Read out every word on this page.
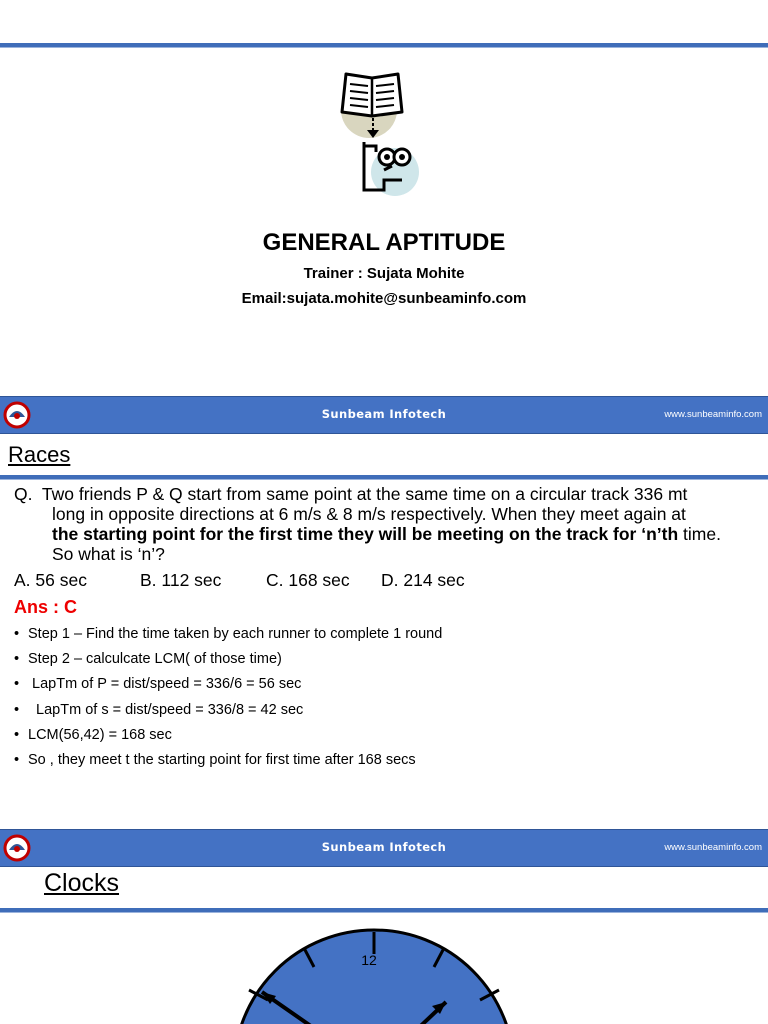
GENERAL APTITUDE
Trainer : Sujata Mohite
Email:sujata.mohite@sunbeaminfo.com
Sunbeam Infotech	www.sunbeaminfo.com
Races
Q. Two friends P & Q start from same point at the same time on a circular track 336 mt
long in opposite directions at 6 m/s & 8 m/s respectively. When they meet again at
the starting point for the first time they will be meeting on the track for ‘n’th time.
So what is ‘n’?
A. 56 sec	B. 112 sec	C. 168 sec D. 214 sec
Ans : C
• Step 1 – Find the time taken by each runner to complete 1 round
• Step 2 – calculcate LCM( of those time)
• LapTm of P = dist/speed = 336/6 = 56 sec
•  LapTm of s = dist/speed = 336/8 = 42 sec
• LCM(56,42) = 168 sec
• So , they meet t the starting point for first time after 168 secs
Sunbeam Infotech	www.sunbeaminfo.com
Clocks
12
